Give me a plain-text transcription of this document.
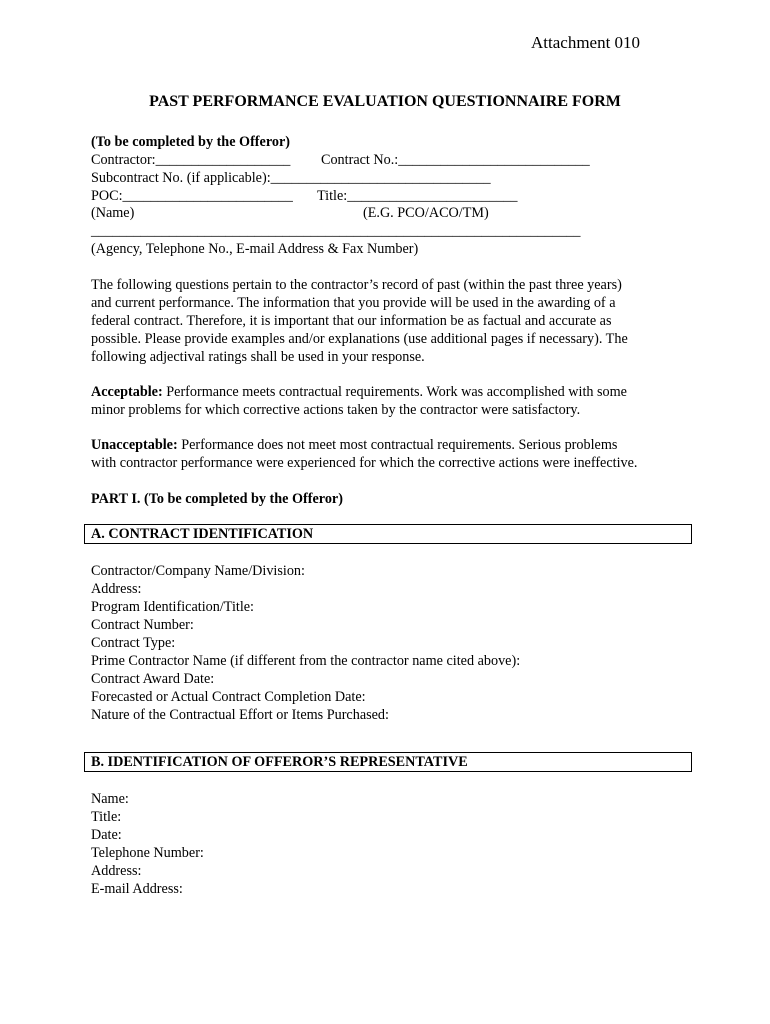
Attachment 010
PAST PERFORMANCE EVALUATION QUESTIONNAIRE FORM
(To be completed by the Offeror)
Contractor:___________________ Contract No.:___________________________
Subcontract No. (if applicable):_______________________________
POC:________________________ Title:________________________
(Name)	(E.G. PCO/ACO/TM)
_____________________________________________________________________
(Agency, Telephone No., E-mail Address & Fax Number)

The following questions pertain to the contractor’s record of past (within the past three years)

and current performance. The information that you provide will be used in the awarding of a

federal contract. Therefore, it is important that our information be as factual and accurate as

possible. Please provide examples and/or explanations (use additional pages if necessary). The

following adjectival ratings shall be used in your response.

Acceptable: Performance meets contractual requirements. Work was accomplished with some

minor problems for which corrective actions taken by the contractor were satisfactory.

Unacceptable: Performance does not meet most contractual requirements. Serious problems

with contractor performance were experienced for which the corrective actions were ineffective.

PART I. (To be completed by the Offeror)
A. CONTRACT IDENTIFICATION
Contractor/Company Name/Division:
Address:
Program Identification/Title:
Contract Number:
Contract Type:
Prime Contractor Name (if different from the contractor name cited above):
Contract Award Date:
Forecasted or Actual Contract Completion Date:
Nature of the Contractual Effort or Items Purchased:
B. IDENTIFICATION OF OFFEROR’S REPRESENTATIVE
Name:
Title:
Date:
Telephone Number:
Address:
E-mail Address:
